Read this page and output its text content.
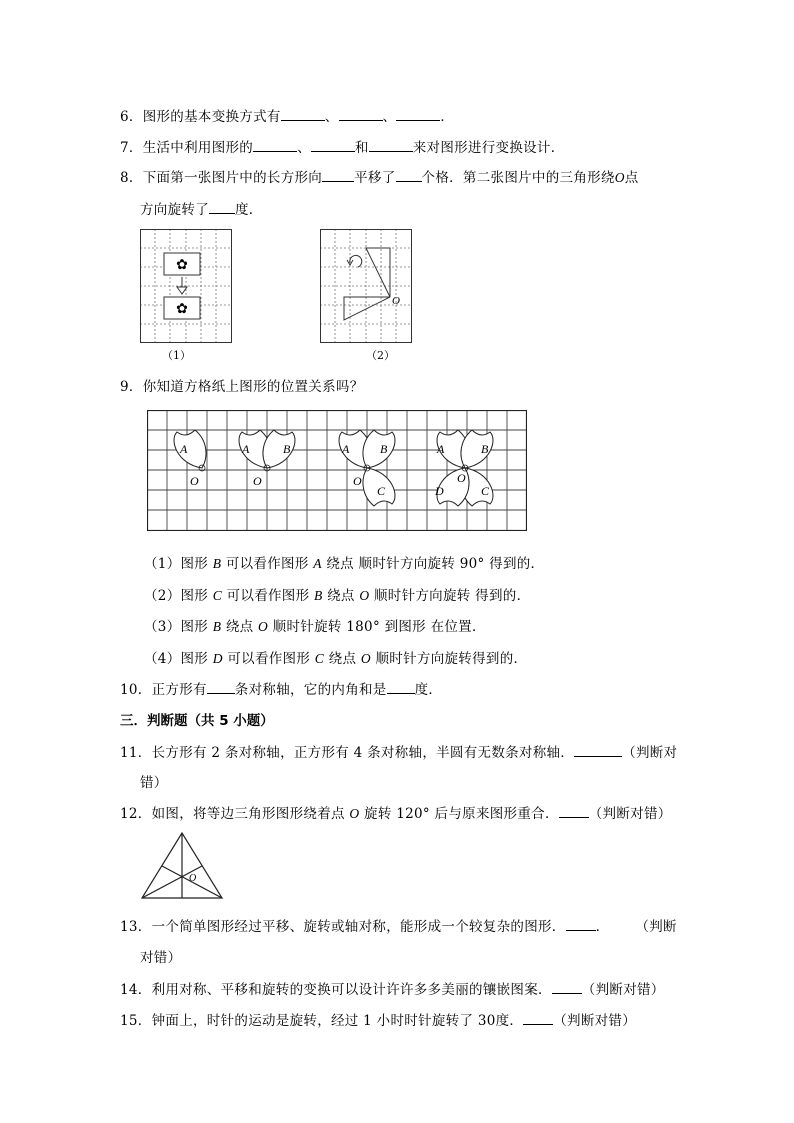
6．图形的基本变换方式有	、	、	．
7．生活中利用图形的	、	和	来对图形进行变换设计．
8．下面第一张图片中的长方形向 平移了 个格．第二张图片中的三角形绕O点
方向旋转了 度．
✿
✿
（1）
O
（2）
9．你知道方格纸上图形的位置关系吗？
A
O
A	B
O
A	B
O
C
A	B
O
D	C
（1）图形 B 可以看作图形 A 绕点 顺时针方向旋转 90° 得到的．
（2）图形 C 可以看作图形 B 绕点 O 顺时针方向旋转 得到的．
（3）图形 B 绕点 O 顺时针旋转 180° 到图形 在位置．
（4）图形 D 可以看作图形 C 绕点 O 顺时针方向旋转得到的．
10．正方形有 条对称轴，它的内角和是 度．
三．判断题（共 5 小题）
11．长方形有 2 条对称轴，正方形有 4 条对称轴，半圆有无数条对称轴．	（判断对
错）
12．如图，将等边三角形图形绕着点 O 旋转 120° 后与原来图形重合． （判断对错）
O
13．一个简单图形经过平移、旋转或轴对称，能形成一个较复杂的图形． ． （判断
对错）
14．利用对称、平移和旋转的变换可以设计许许多多美丽的镶嵌图案． （判断对错）
15．钟面上，时针的运动是旋转，经过 1 小时时针旋转了 30度． （判断对错）
